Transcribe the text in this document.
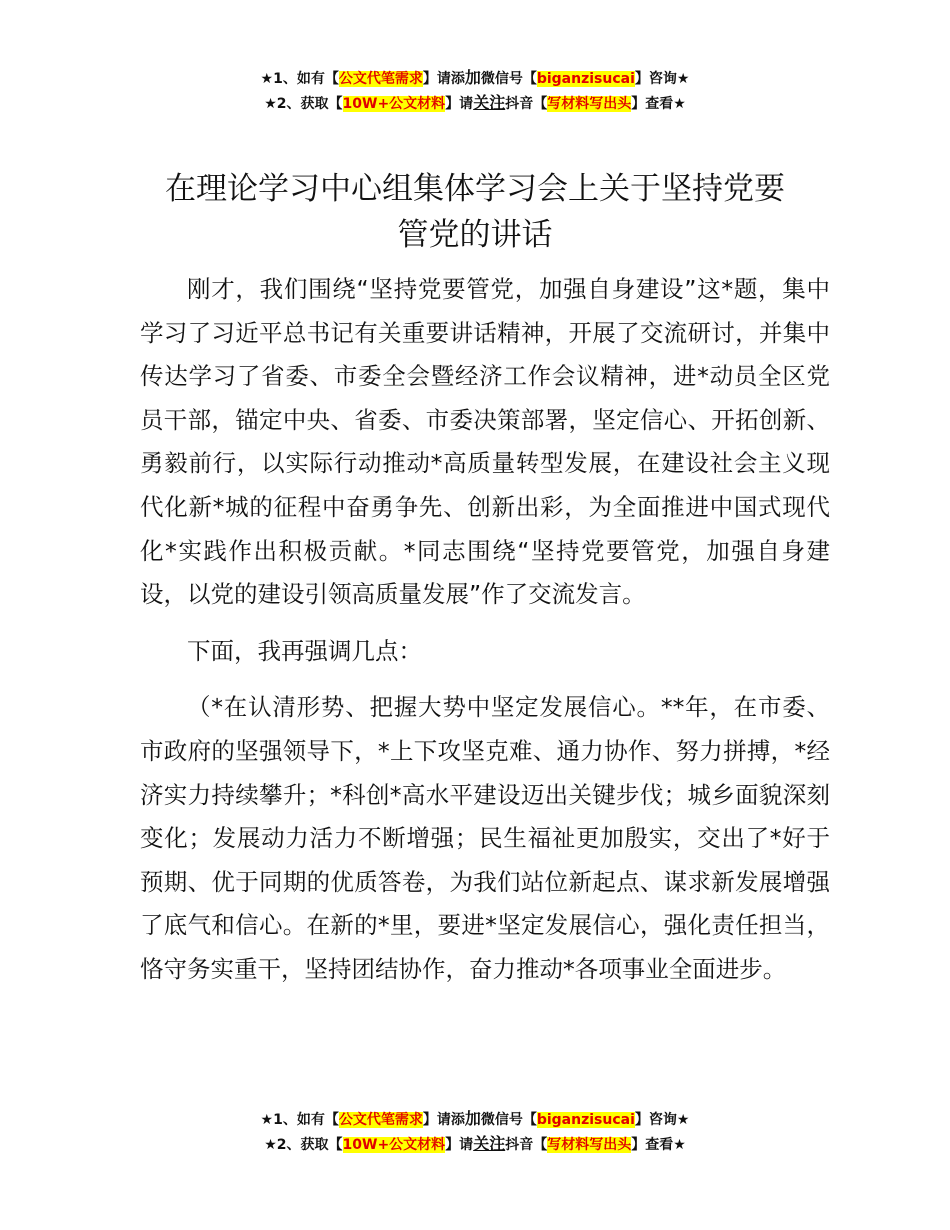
★1、如有【公文代笔需求】请添加微信号【biganzisucai】咨询★
★2、获取【10W+公文材料】请关注抖音【写材料写出头】查看★
在理论学习中心组集体学习会上关于坚持党要
管党的讲话

刚才，我们围绕“坚持党要管党，加强自身建设”这*题，集中学习了习近平总书记有关重要讲话精神，开展了交流研讨，并集中传达学习了省委、市委全会暨经济工作会议精神，进*动员全区党员干部，锚定中央、省委、市委决策部署，坚定信心、开拓创新、勇毅前行，以实际行动推动*高质量转型发展，在建设社会主义现代化新*城的征程中奋勇争先、创新出彩，为全面推进中国式现代化*实践作出积极贡献。*同志围绕“坚持党要管党，加强自身建设，以党的建设引领高质量发展”作了交流发言。

下面，我再强调几点：

（*在认清形势、把握大势中坚定发展信心。**年，在市委、市政府的坚强领导下，*上下攻坚克难、通力协作、努力拼搏，*经济实力持续攀升；*科创*高水平建设迈出关键步伐；城乡面貌深刻变化；发展动力活力不断增强；民生福祉更加殷实，交出了*好于预期、优于同期的优质答卷，为我们站位新起点、谋求新发展增强了底气和信心。在新的*里，要进*坚定发展信心，强化责任担当，恪守务实重干，坚持团结协作，奋力推动*各项事业全面进步。

★1、如有【公文代笔需求】请添加微信号【biganzisucai】咨询★
★2、获取【10W+公文材料】请关注抖音【写材料写出头】查看★
